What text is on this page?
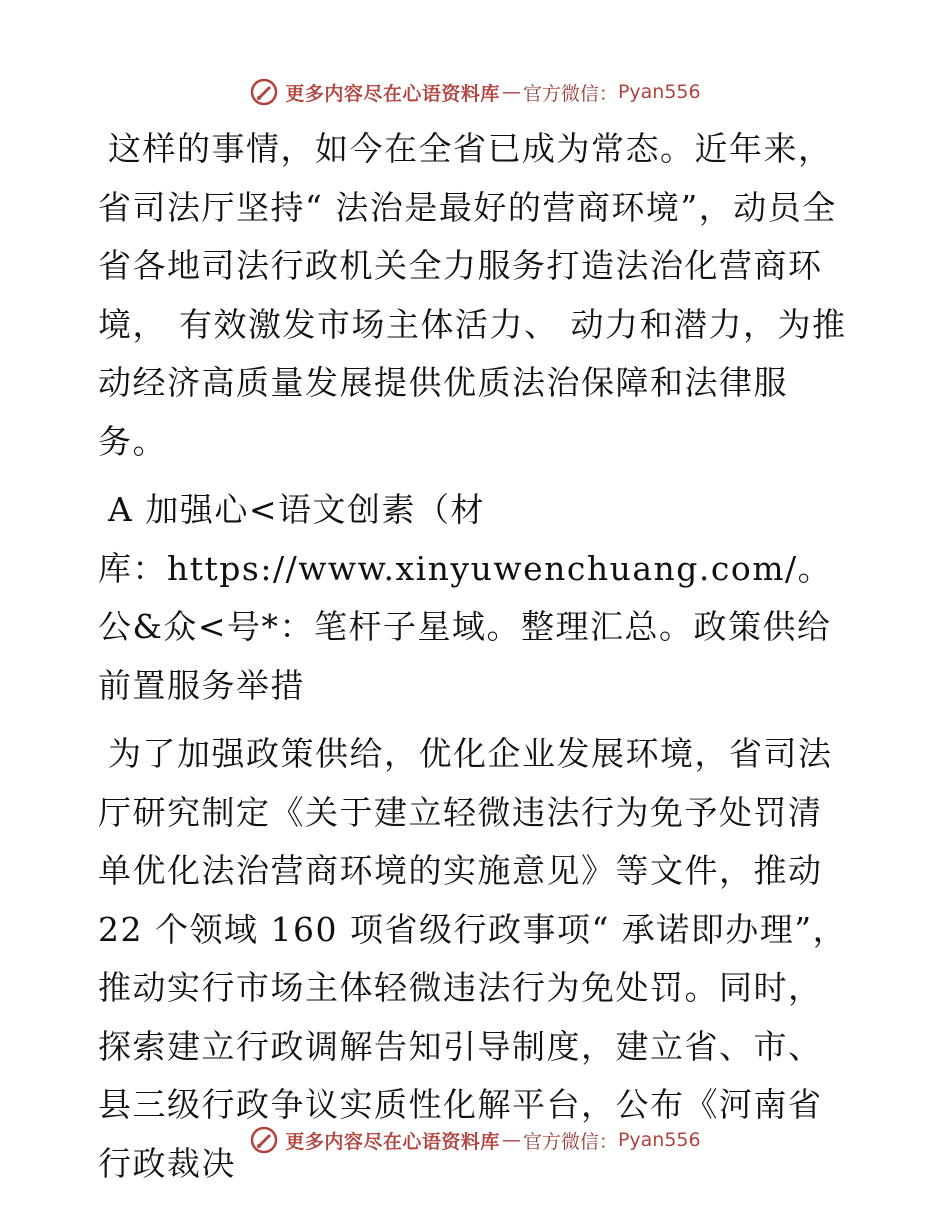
更多内容尽在心语资料库 — 官方微信： Pyan556

这样的事情，如今在全省已成为常态。近年来，省司法厅坚持“ 法治是最好的营商环境”，动员全省各地司法行政机关全力服务打造法治化营商环境， 有效激发市场主体活力、 动力和潜力，为推动经济高质量发展提供优质法治保障和法律服务。

A 加强心<语文创素（材
库：https://www.xinyuwenchuang.com/。公&众<号*：笔杆子星域。整理汇总。政策供给 前置服务举措

为了加强政策供给，优化企业发展环境，省司法厅研究制定《关于建立轻微违法行为免予处罚清单优化法治营商环境的实施意见》等文件，推动 22 个领域 160 项省级行政事项“ 承诺即办理”，推动实行市场主体轻微违法行为免处罚。同时，探索建立行政调解告知引导制度，建立省、市、县三级行政争议实质性化解平台，公布《河南省行政裁决

更多内容尽在心语资料库 — 官方微信： Pyan556
